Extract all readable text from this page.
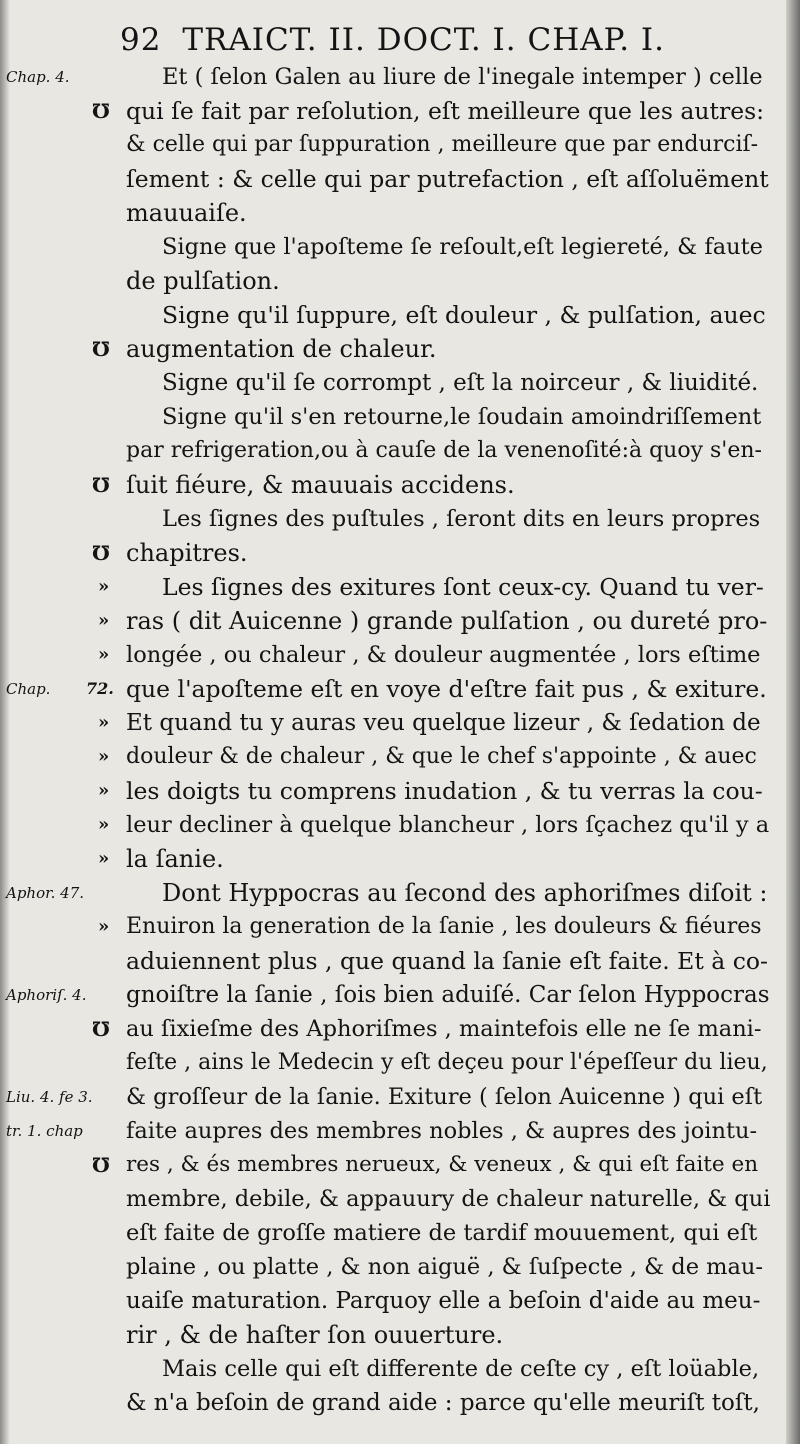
92 TRAICT. II. DOCT. I. CHAP. I.
Chap. 4.	Et ( ſelon Galen au liure de l'inegale intemper ) celle
℧ qui ſe fait par reſolution, eſt meilleure que les autres:
& celle qui par ſuppuration , meilleure que par endurciſ-
ſement : & celle qui par putrefaction , eſt aſſoluëment
mauuaiſe.
Signe que l'apoſteme ſe reſoult,eſt legiereté, & faute
de pulſation.
Signe qu'il ſuppure, eſt douleur , & pulſation, auec
℧ augmentation de chaleur.
Signe qu'il ſe corrompt , eſt la noirceur , & liuidité.
Signe qu'il s'en retourne,le ſoudain amoindriſſement
par refrigeration,ou à cauſe de la venenoſité:à quoy s'en-
℧ ſuit fiéure, & mauuais accidens.
Les ſignes des puſtules , ſeront dits en leurs propres
℧ chapitres.
» Les ſignes des exitures ſont ceux-cy. Quand tu ver-
» ras ( dit Auicenne ) grande pulſation , ou dureté pro-
» longée , ou chaleur , & douleur augmentée , lors eſtime
Chap. 72. que l'apoſteme eſt en voye d'eſtre fait pus , & exiture.
» Et quand tu y auras veu quelque lizeur , & ſedation de
» douleur & de chaleur , & que le chef s'appointe , & auec
» les doigts tu comprens inudation , & tu verras la cou-
» leur decliner à quelque blancheur , lors ſçachez qu'il y a
» la ſanie.
Aphor. 47.	Dont Hyppocras au ſecond des aphoriſmes diſoit :
» Enuiron la generation de la ſanie , les douleurs & fiéures
aduiennent plus , que quand la ſanie eſt faite. Et à co-
Aphoriſ. 4. gnoiſtre la ſanie , ſois bien aduiſé. Car ſelon Hyppocras
℧ au ſixieſme des Aphoriſmes , maintefois elle ne ſe mani-
feſte , ains le Medecin y eſt deçeu pour l'épeſſeur du lieu,
Liu. 4. fe 3. & groſſeur de la ſanie. Exiture ( ſelon Auicenne ) qui eſt
tr. 1. chap faite aupres des membres nobles , & aupres des jointu-
℧ res , & és membres nerueux, & veneux , & qui eſt faite en
membre, debile, & appauury de chaleur naturelle, & qui
eſt faite de groſſe matiere de tardif mouuement, qui eſt
plaine , ou platte , & non aiguë , & ſuſpecte , & de mau-
uaiſe maturation. Parquoy elle a beſoin d'aide au meu-
rir , & de haſter ſon ouuerture.
Mais celle qui eſt differente de ceſte cy , eſt loüable,
& n'a beſoin de grand aide : parce qu'elle meuriſt toſt,
